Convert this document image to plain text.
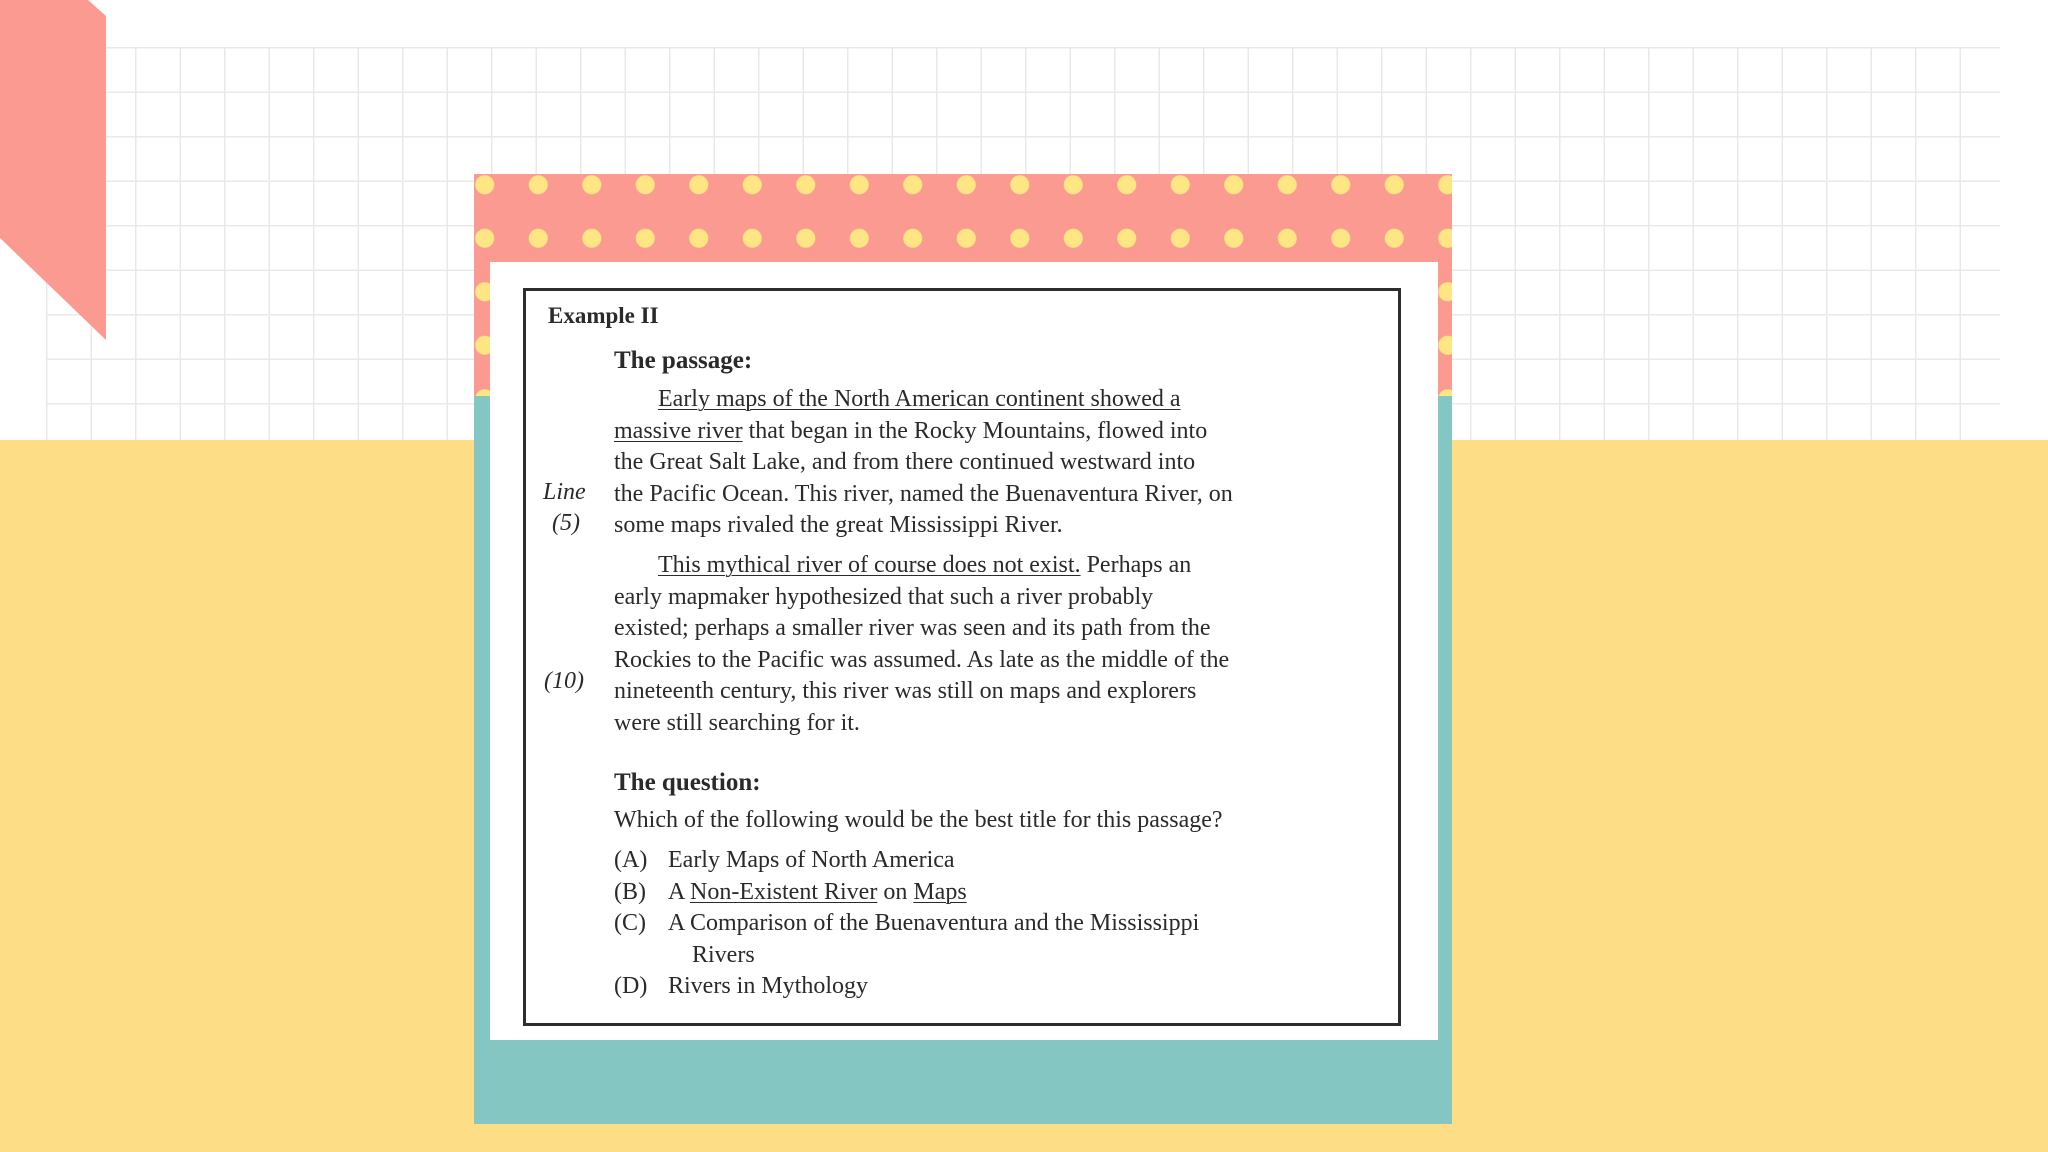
Example II
The passage:
Early maps of the North American continent showed a
massive river that began in the Rocky Mountains, flowed into
the Great Salt Lake, and from there continued westward into
the Pacific Ocean. This river, named the Buenaventura River, on
some maps rivaled the great Mississippi River.
Line
(5)
This mythical river of course does not exist. Perhaps an
early mapmaker hypothesized that such a river probably
existed; perhaps a smaller river was seen and its path from the
Rockies to the Pacific was assumed. As late as the middle of the
nineteenth century, this river was still on maps and explorers
were still searching for it.
(10)
The question:
Which of the following would be the best title for this passage?
(A) Early Maps of North America
(B) A Non-Existent River on Maps
(C) A Comparison of the Buenaventura and the Mississippi
Rivers
(D) Rivers in Mythology
